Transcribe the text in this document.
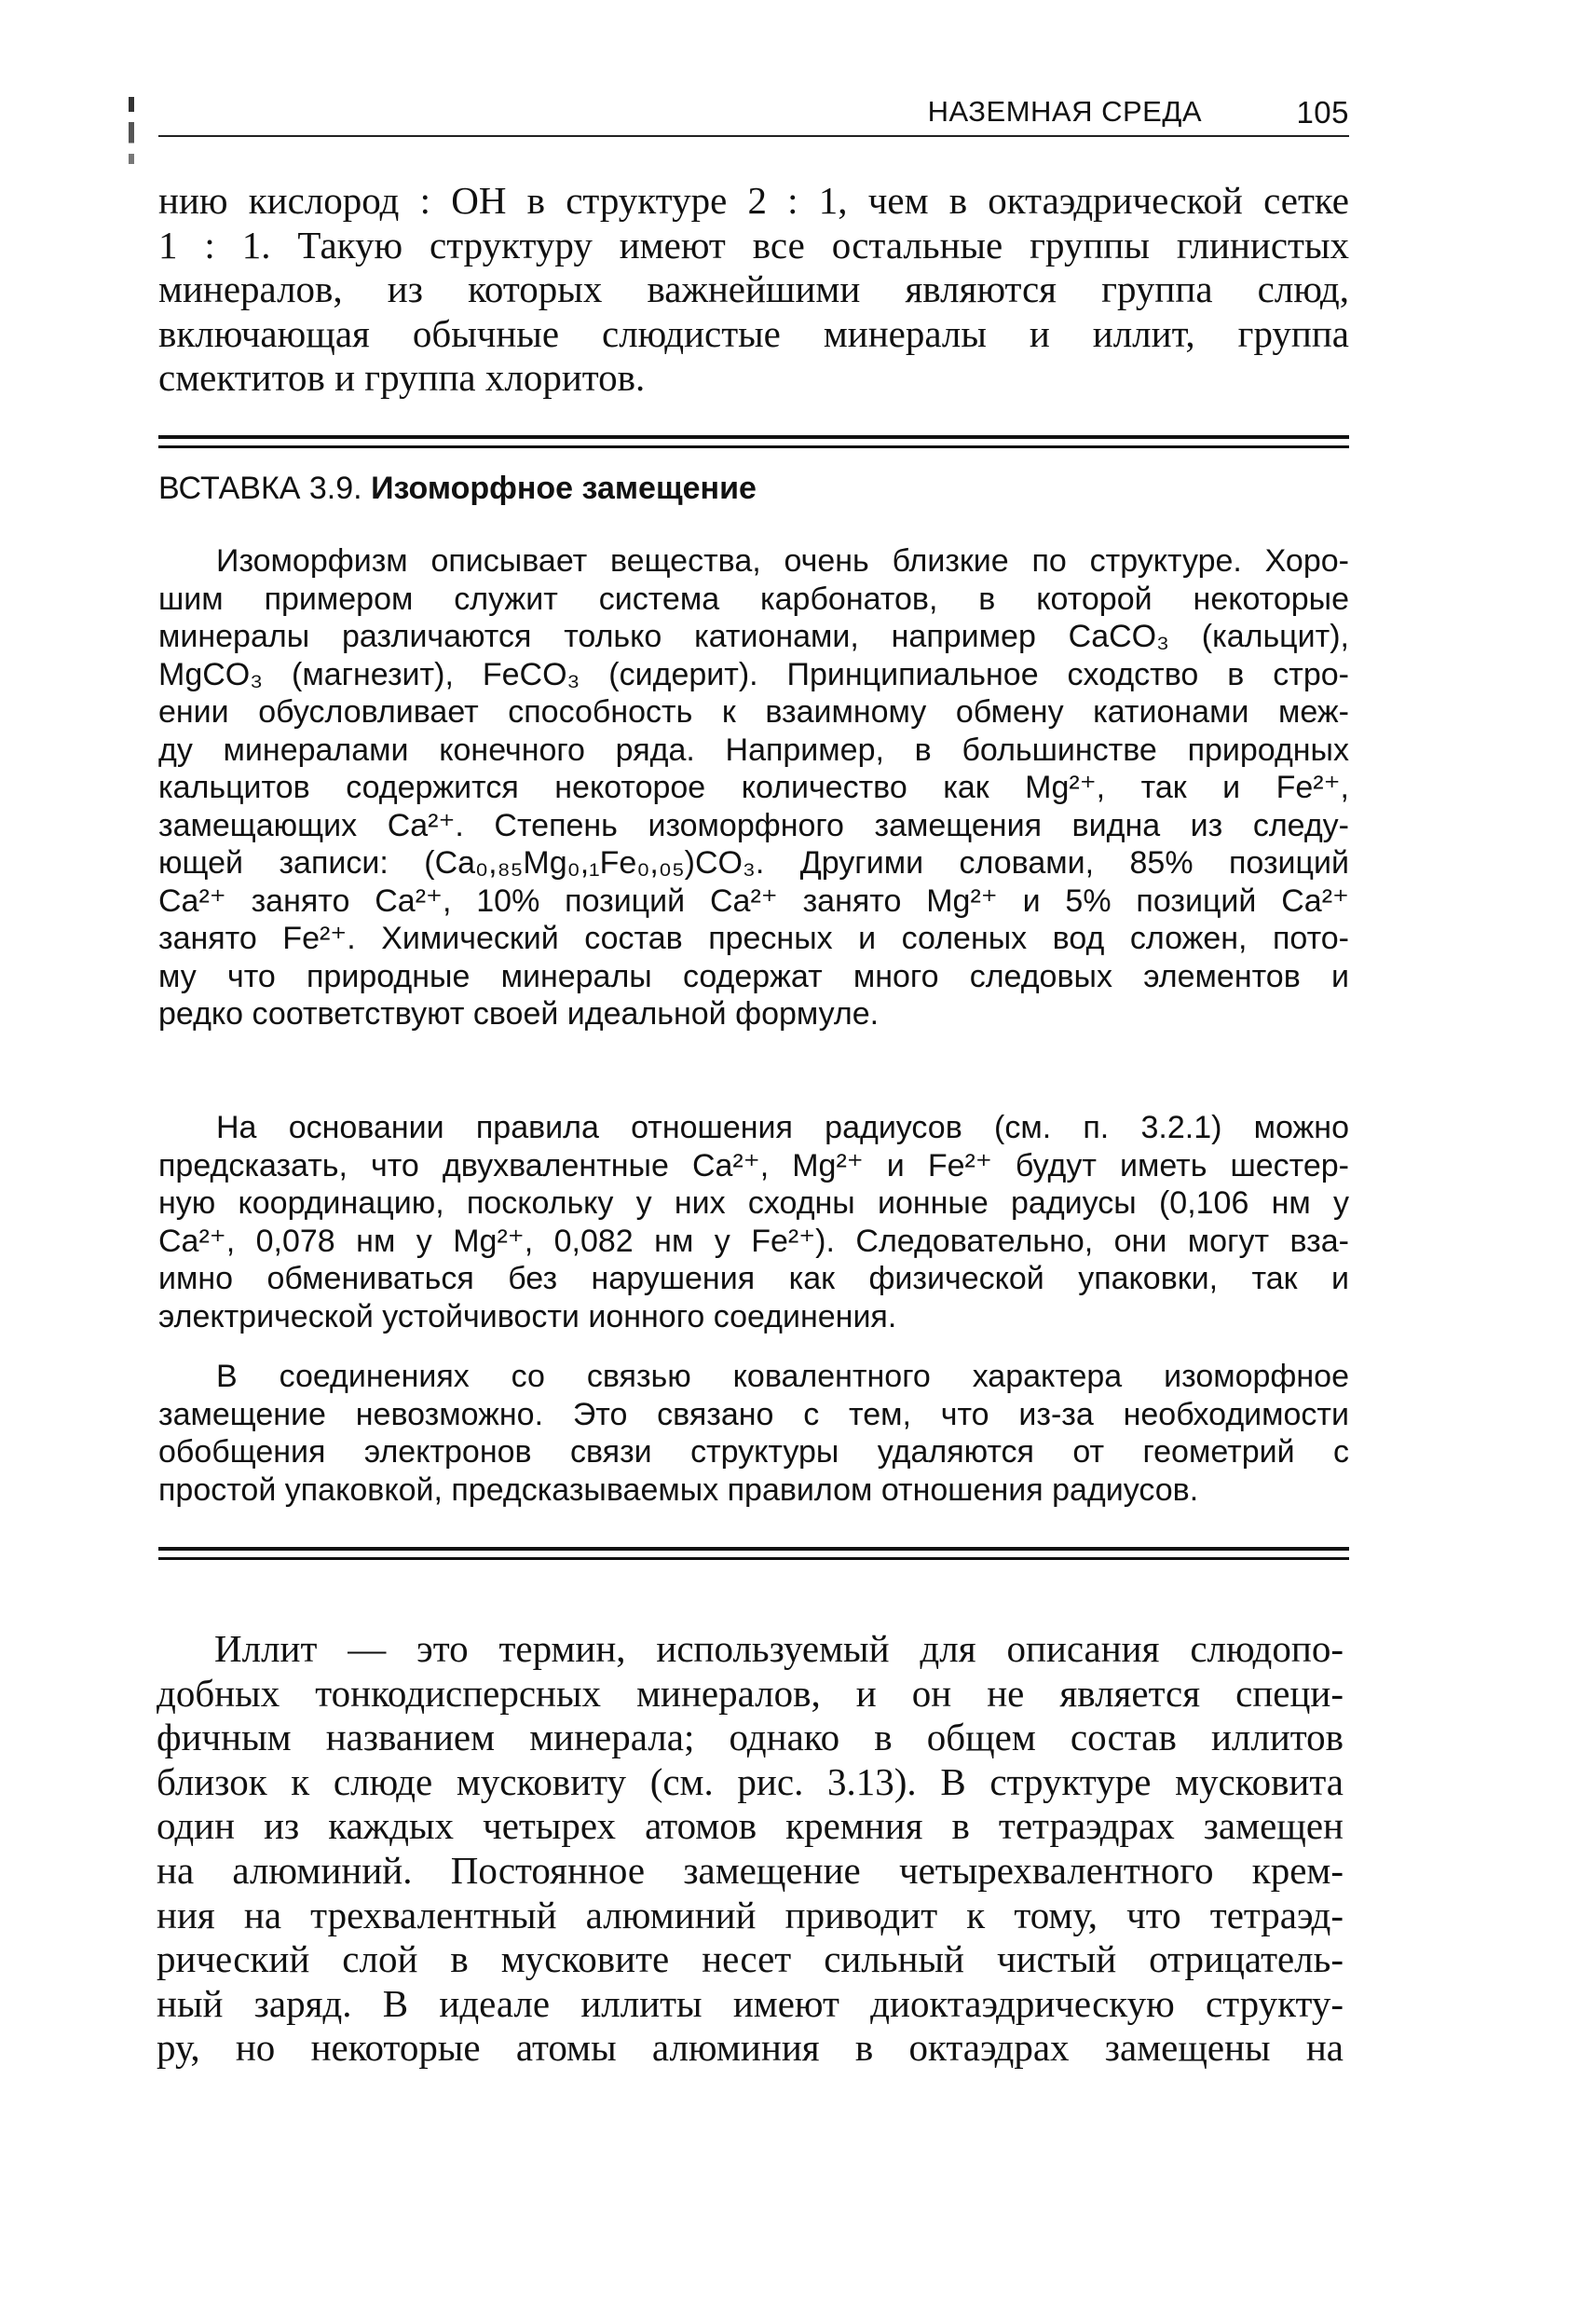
НАЗЕМНАЯ СРЕДА	105
нию кислород : ОН в структуре 2 : 1, чем в октаэдрической сетке
1 : 1. Такую структуру имеют все остальные группы глинистых
минералов, из которых важнейшими являются группа слюд,
включающая обычные слюдистые минералы и иллит, группа
смектитов и группа хлоритов.
ВСТАВКА 3.9. Изоморфное замещение
Изоморфизм описывает вещества, очень близкие по структуре. Хоро-
шим примером служит система карбонатов, в которой некоторые
минералы различаются только катионами, например CaCO₃ (кальцит),
MgCO₃ (магнезит), FeCO₃ (сидерит). Принципиальное сходство в стро-
ении обусловливает способность к взаимному обмену катионами меж-
ду минералами конечного ряда. Например, в большинстве природных
кальцитов содержится некоторое количество как Mg²⁺, так и Fe²⁺,
замещающих Ca²⁺. Степень изоморфного замещения видна из следу-
ющей записи: (Ca₀,₈₅Mg₀,₁Fe₀,₀₅)CO₃. Другими словами, 85% позиций
Ca²⁺ занято Ca²⁺, 10% позиций Ca²⁺ занято Mg²⁺ и 5% позиций Ca²⁺
занято Fe²⁺. Химический состав пресных и соленых вод сложен, пото-
му что природные минералы содержат много следовых элементов и
редко соответствуют своей идеальной формуле.
На основании правила отношения радиусов (см. п. 3.2.1) можно
предсказать, что двухвалентные Ca²⁺, Mg²⁺ и Fe²⁺ будут иметь шестер-
ную координацию, поскольку у них сходны ионные радиусы (0,106 нм у
Ca²⁺, 0,078 нм у Mg²⁺, 0,082 нм у Fe²⁺). Следовательно, они могут вза-
имно обмениваться без нарушения как физической упаковки, так и
электрической устойчивости ионного соединения.
В соединениях со связью ковалентного характера изоморфное
замещение невозможно. Это связано с тем, что из-за необходимости
обобщения электронов связи структуры удаляются от геометрий с
простой упаковкой, предсказываемых правилом отношения радиусов.
Иллит — это термин, используемый для описания слюдопо-
добных тонкодисперсных минералов, и он не является специ-
фичным названием минерала; однако в общем состав иллитов
близок к слюде мусковиту (см. рис. 3.13). В структуре мусковита
один из каждых четырех атомов кремния в тетраэдрах замещен
на алюминий. Постоянное замещение четырехвалентного крем-
ния на трехвалентный алюминий приводит к тому, что тетраэд-
рический слой в мусковите несет сильный чистый отрицатель-
ный заряд. В идеале иллиты имеют диоктаэдрическую структу-
ру, но некоторые атомы алюминия в октаэдрах замещены на
